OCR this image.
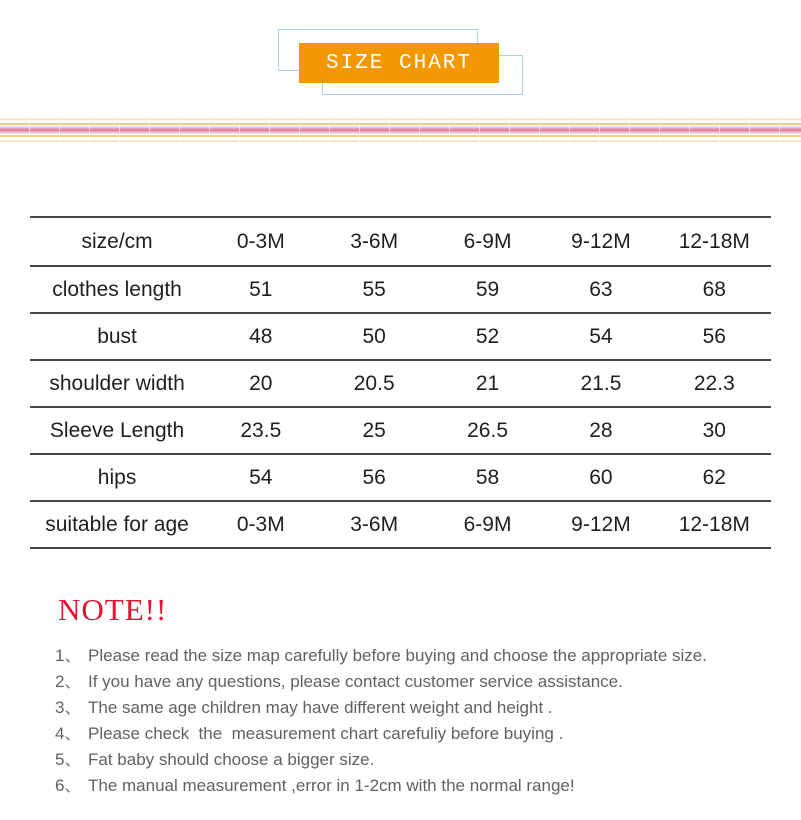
SIZE CHART
size/cm	0-3M	3-6M	6-9M	9-12M	12-18M
clothes length	51	55	59	63	68
bust	48	50	52	54	56
shoulder width	20	20.5	21	21.5	22.3
Sleeve Length	23.5	25	26.5	28	30
hips	54	56	58	60	62
suitable for age	0-3M	3-6M	6-9M	9-12M	12-18M
NOTE!!
1、 Please read the size map carefully before buying and choose the appropriate size.
2、 If you have any questions, please contact customer service assistance.
3、 The same age children may have different weight and height .
4、 Please check  the  measurement chart carefuliy before buying .
5、 Fat baby should choose a bigger size.
6、 The manual measurement ,error in 1-2cm with the normal range!
